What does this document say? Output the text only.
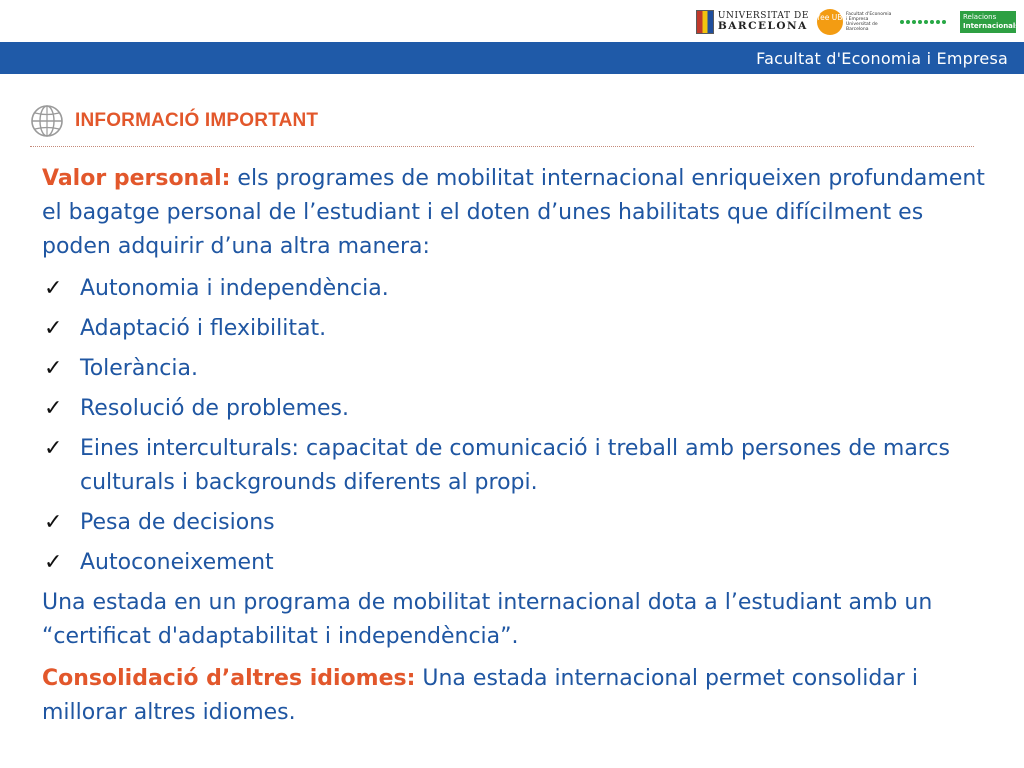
UNIVERSITAT DE
BARCELONA
fee UB Facultat d'Economia i Empresa Universitat de Barcelona
Relacions
Internacionals
Facultat d'Economia i Empresa
INFORMACIÓ IMPORTANT

Valor personal: els programes de mobilitat internacional enriqueixen profundament el bagatge personal de l’estudiant i el doten d’unes habilitats que difícilment es poden adquirir d’una altra manera:

✓ Autonomia i independència.
✓ Adaptació i flexibilitat.
✓ Tolerància.
✓ Resolució de problemes.
✓ Eines interculturals: capacitat de comunicació i treball amb persones de marcs culturals i backgrounds diferents al propi.
✓ Pesa de decisions
✓ Autoconeixement

Una estada en un programa de mobilitat internacional dota a l’estudiant amb un “certificat d'adaptabilitat i independència”.

Consolidació d’altres idiomes: Una estada internacional permet consolidar i millorar altres idiomes.
